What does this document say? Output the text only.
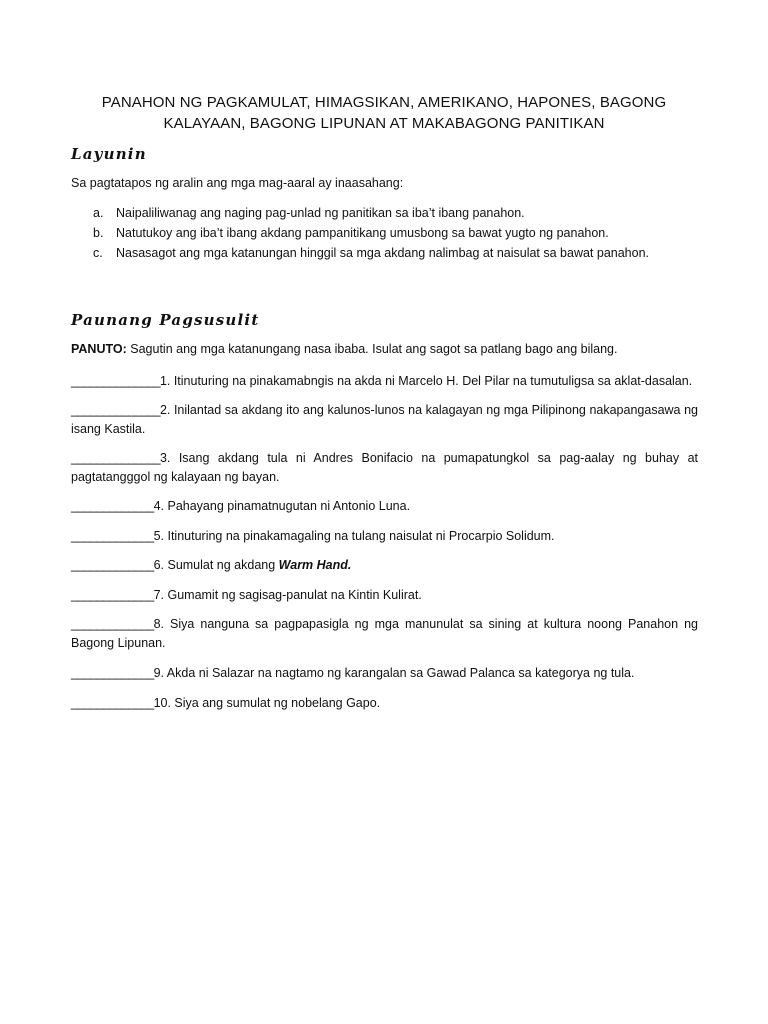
PANAHON NG PAGKAMULAT, HIMAGSIKAN, AMERIKANO, HAPONES, BAGONG
KALAYAAN, BAGONG LIPUNAN AT MAKABAGONG PANITIKAN
Layunin
Sa pagtatapos ng aralin ang mga mag-aaral ay inaasahang:
a. Naipaliliwanag ang naging pag-unlad ng panitikan sa iba’t ibang panahon.
b. Natutukoy ang iba’t ibang akdang pampanitikang umusbong sa bawat yugto ng panahon.
c. Nasasagot ang mga katanungan hinggil sa mga akdang nalimbag at naisulat sa bawat panahon.
Paunang Pagsusulit
PANUTO: Sagutin ang mga katanungang nasa ibaba. Isulat ang sagot sa patlang bago ang bilang.
______________1. Itinuturing na pinakamabngis na akda ni Marcelo H. Del Pilar na tumutuligsa sa aklat-dasalan.
______________2. Inilantad sa akdang ito ang kalunos-lunos na kalagayan ng mga Pilipinong nakapangasawa ng isang Kastila.
______________3. Isang akdang tula ni Andres Bonifacio na pumapatungkol sa pag-aalay ng buhay at pagtatangggol ng kalayaan ng bayan.
_____________4. Pahayang pinamatnugutan ni Antonio Luna.
_____________5. Itinuturing na pinakamagaling na tulang naisulat ni Procarpio Solidum.
_____________6. Sumulat ng akdang Warm Hand.
_____________7. Gumamit ng sagisag-panulat na Kintin Kulirat.
_____________8. Siya nanguna sa pagpapasigla ng mga manunulat sa sining at kultura noong Panahon ng Bagong Lipunan.
_____________9. Akda ni Salazar na nagtamo ng karangalan sa Gawad Palanca sa kategorya ng tula.
_____________10. Siya ang sumulat ng nobelang Gapo.
